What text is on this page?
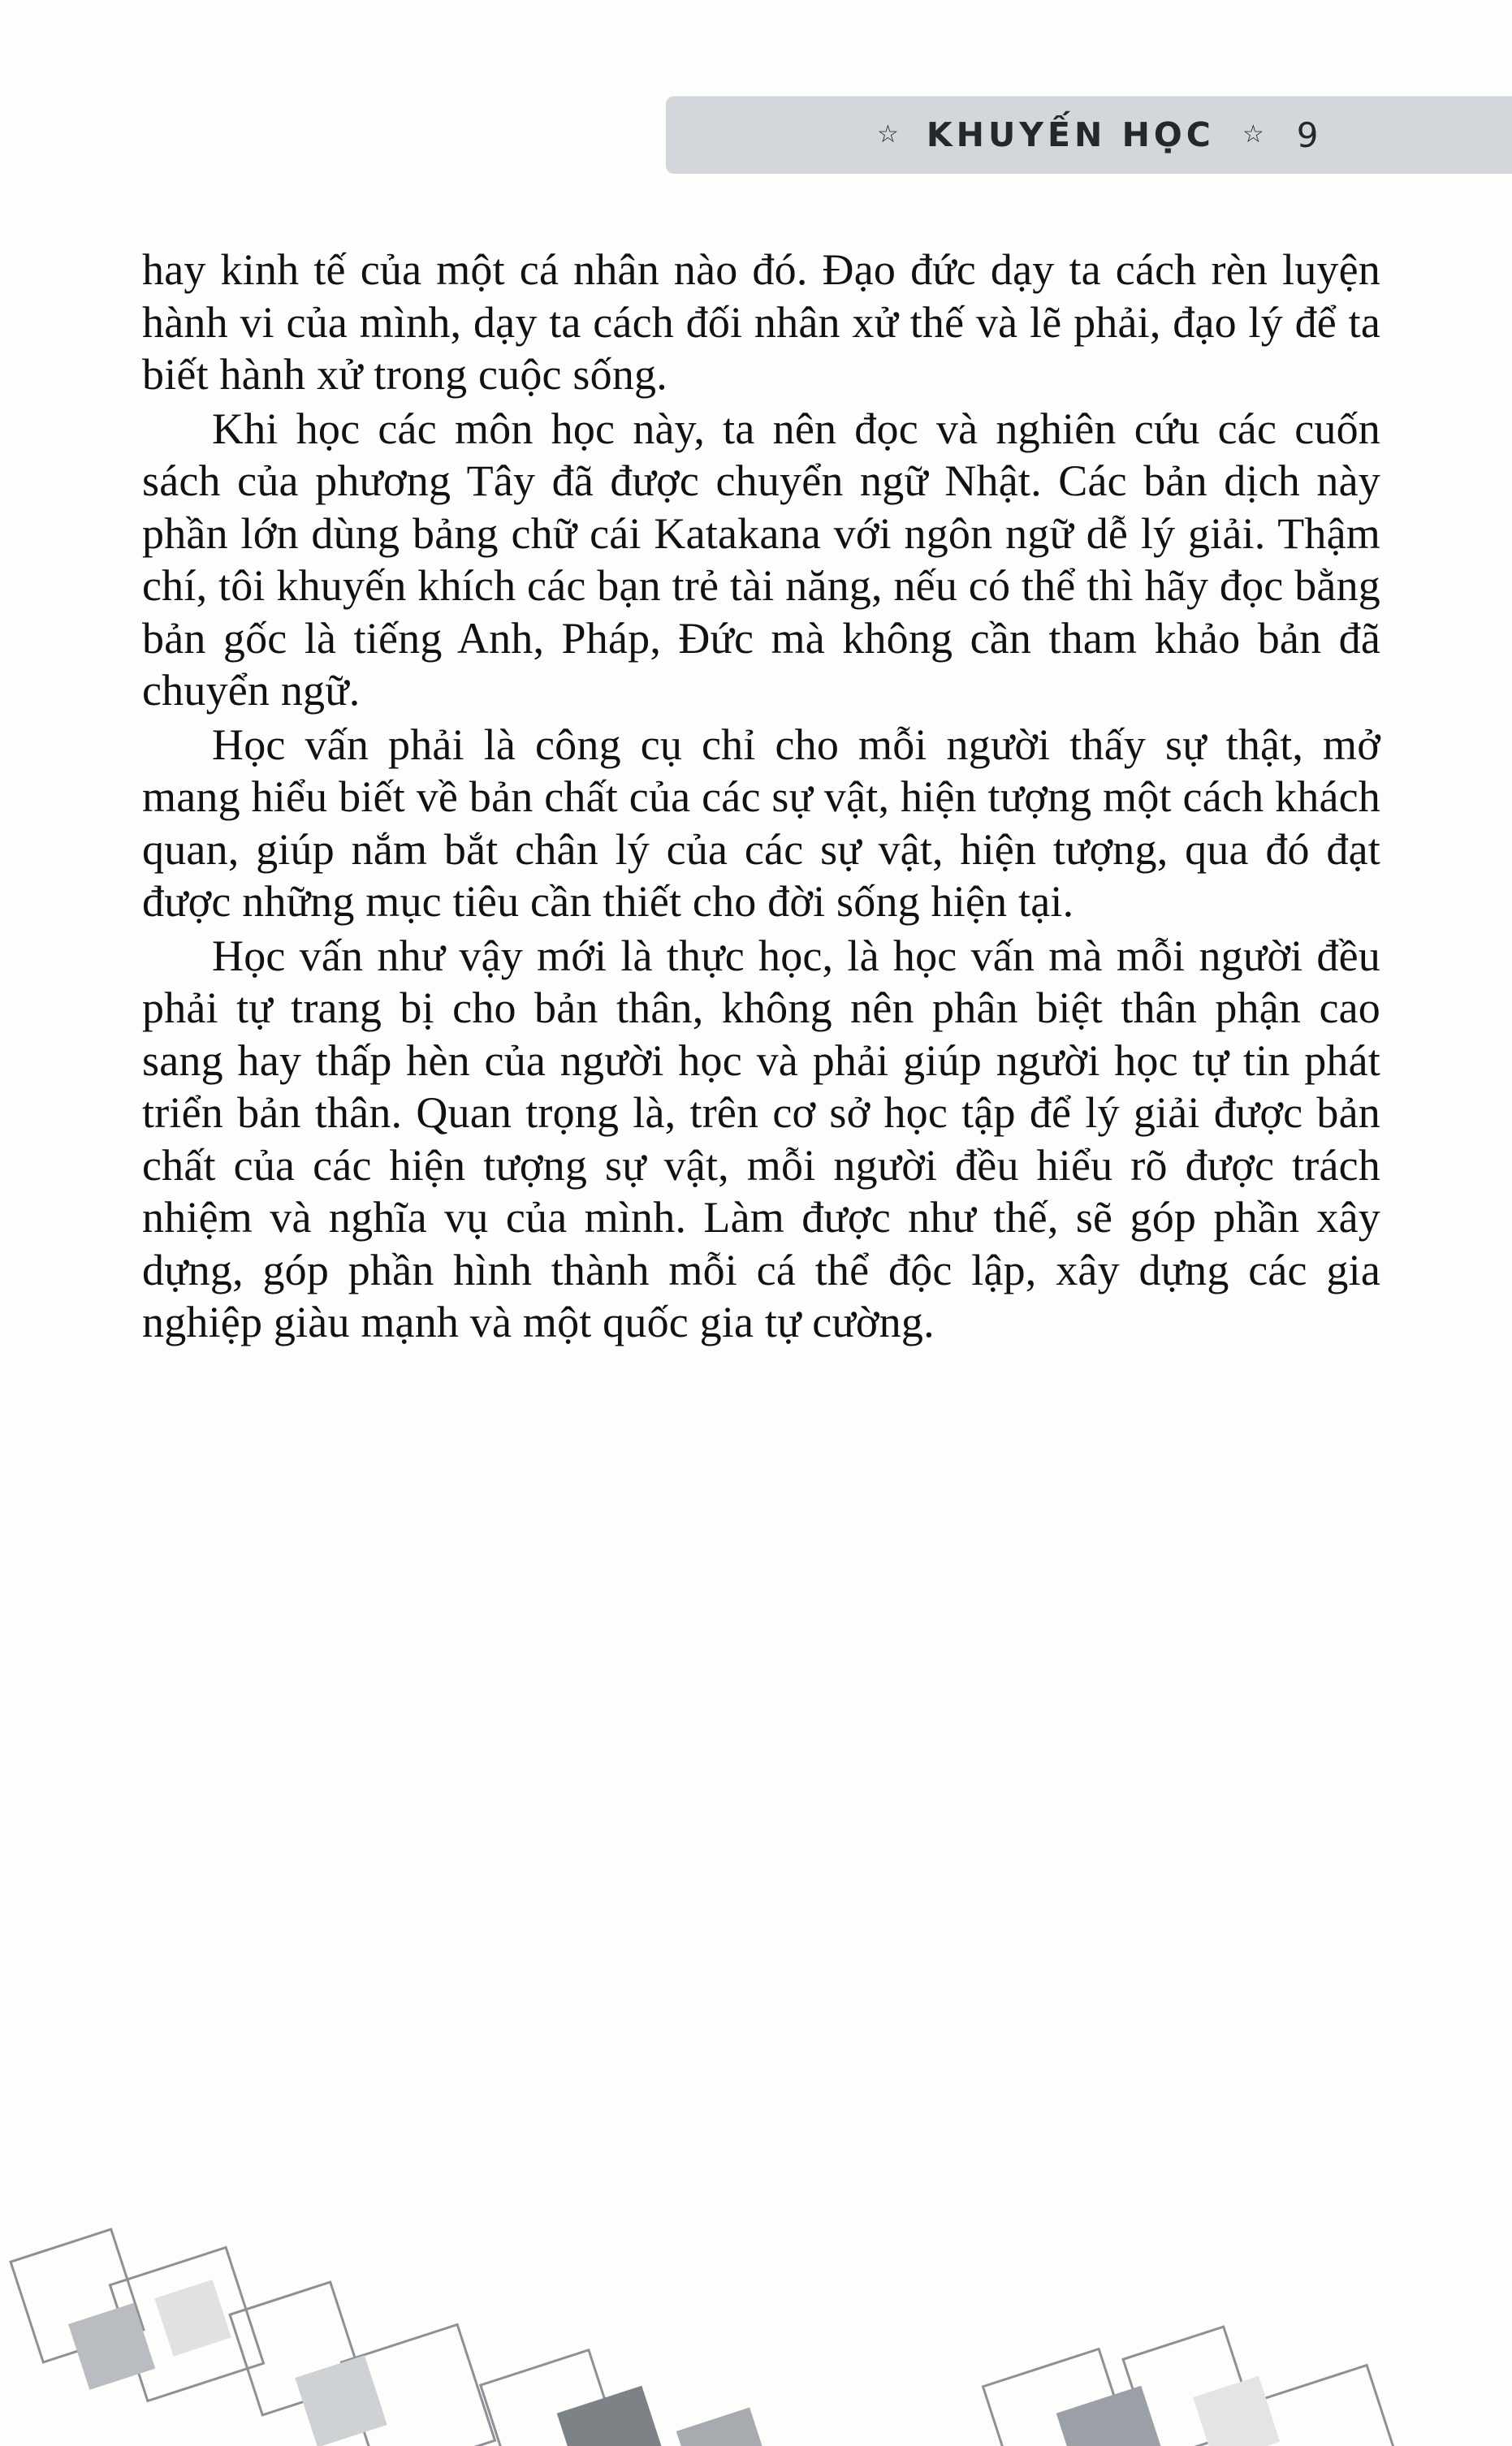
☆ KHUYẾN HỌC ☆ 9

hay kinh tế của một cá nhân nào đó. Đạo đức dạy ta cách rèn luyện hành vi của mình, dạy ta cách đối nhân xử thế và lẽ phải, đạo lý để ta biết hành xử trong cuộc sống.

Khi học các môn học này, ta nên đọc và nghiên cứu các cuốn sách của phương Tây đã được chuyển ngữ Nhật. Các bản dịch này phần lớn dùng bảng chữ cái Katakana với ngôn ngữ dễ lý giải. Thậm chí, tôi khuyến khích các bạn trẻ tài năng, nếu có thể thì hãy đọc bằng bản gốc là tiếng Anh, Pháp, Đức mà không cần tham khảo bản đã chuyển ngữ.

Học vấn phải là công cụ chỉ cho mỗi người thấy sự thật, mở mang hiểu biết về bản chất của các sự vật, hiện tượng một cách khách quan, giúp nắm bắt chân lý của các sự vật, hiện tượng, qua đó đạt được những mục tiêu cần thiết cho đời sống hiện tại.

Học vấn như vậy mới là thực học, là học vấn mà mỗi người đều phải tự trang bị cho bản thân, không nên phân biệt thân phận cao sang hay thấp hèn của người học và phải giúp người học tự tin phát triển bản thân. Quan trọng là, trên cơ sở học tập để lý giải được bản chất của các hiện tượng sự vật, mỗi người đều hiểu rõ được trách nhiệm và nghĩa vụ của mình. Làm được như thế, sẽ góp phần xây dựng, góp phần hình thành mỗi cá thể độc lập, xây dựng các gia nghiệp giàu mạnh và một quốc gia tự cường.
